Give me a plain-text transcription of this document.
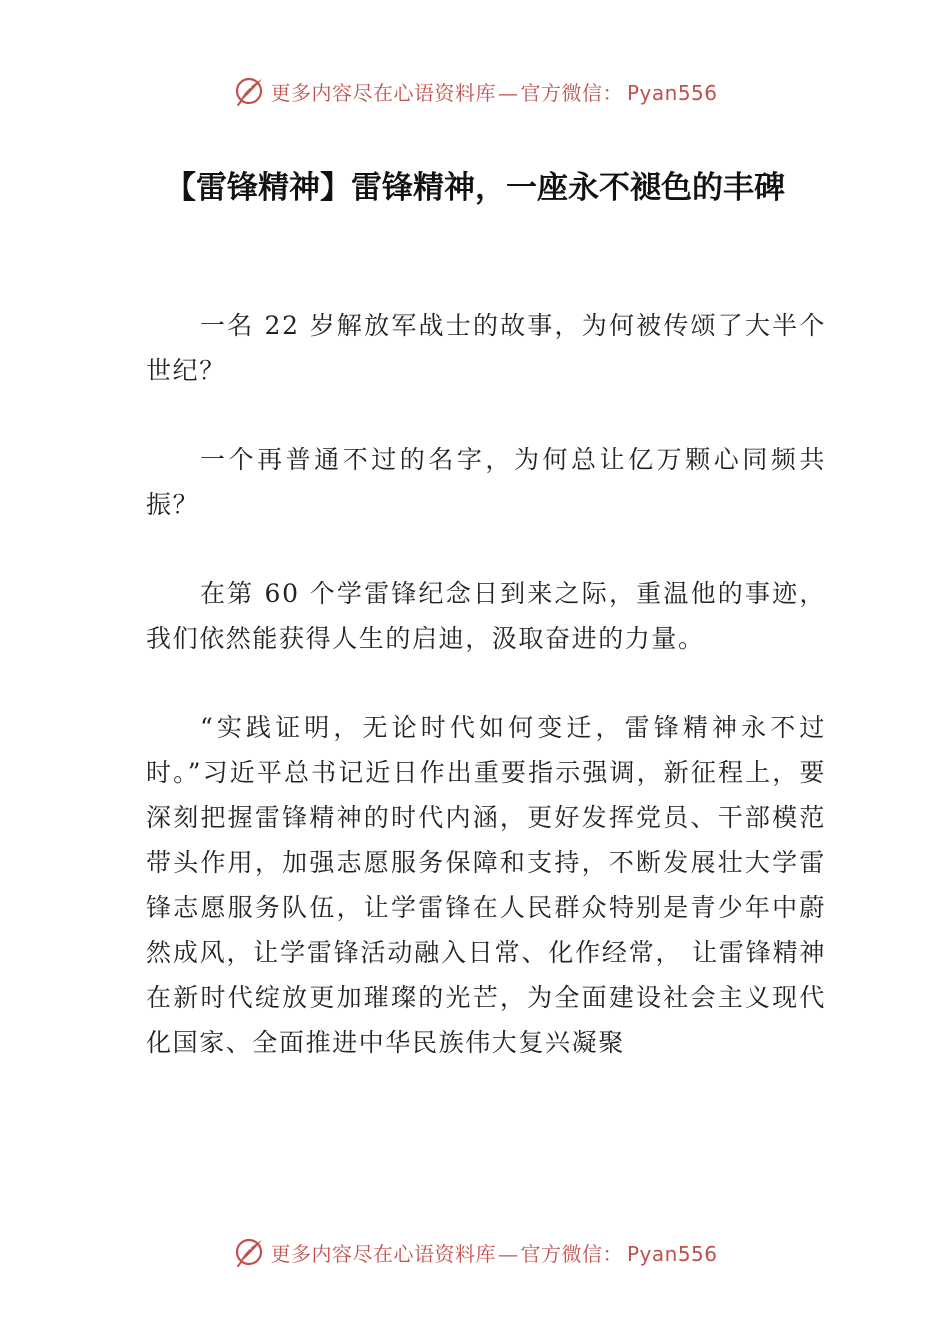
更多内容尽在心语资料库 — 官方微信： Pyan556
【雷锋精神】雷锋精神，一座永不褪色的丰碑

一名 22 岁解放军战士的故事，为何被传颂了大半个世纪？

一个再普通不过的名字，为何总让亿万颗心同频共振？

在第 60 个学雷锋纪念日到来之际，重温他的事迹，我们依然能获得人生的启迪，汲取奋进的力量。

“实践证明，无论时代如何变迁，雷锋精神永不过时。”习近平总书记近日作出重要指示强调，新征程上，要深刻把握雷锋精神的时代内涵，更好发挥党员、干部模范带头作用，加强志愿服务保障和支持，不断发展壮大学雷锋志愿服务队伍，让学雷锋在人民群众特别是青少年中蔚然成风，让学雷锋活动融入日常、化作经常， 让雷锋精神在新时代绽放更加璀璨的光芒，为全面建设社会主义现代化国家、全面推进中华民族伟大复兴凝聚

更多内容尽在心语资料库 — 官方微信： Pyan556
